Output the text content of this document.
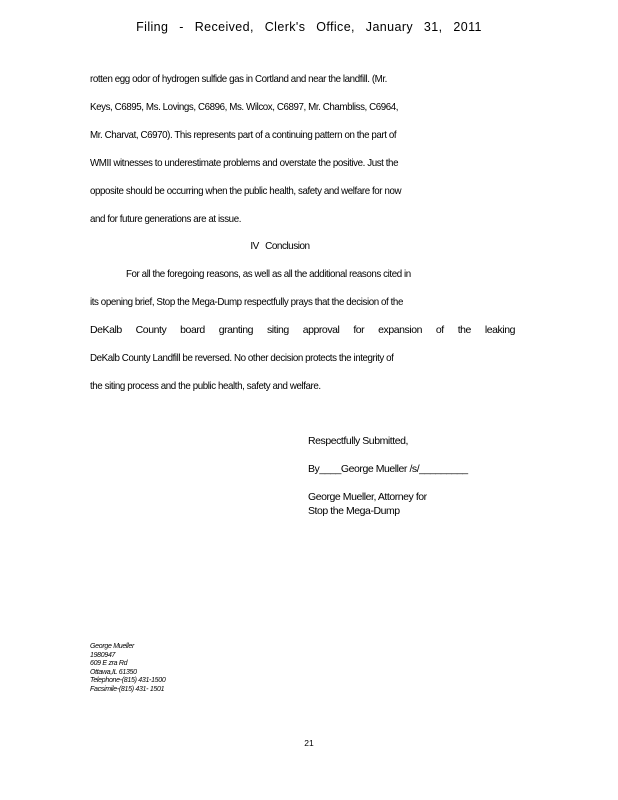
Filing - Received, Clerk's Office, January 31, 2011
rotten egg odor of hydrogen sulfide gas in Cortland and near the landfill. (Mr.
Keys, C6895, Ms. Lovings, C6896, Ms. Wilcox, C6897, Mr. Chambliss, C6964,
Mr. Charvat, C6970). This represents part of a continuing pattern on the part of
WMII witnesses to underestimate problems and overstate the positive. Just the
opposite should be occurring when the public health, safety and welfare for now
and for future generations are at issue.
IV Conclusion
For all the foregoing reasons, as well as all the additional reasons cited in
its opening brief, Stop the Mega-Dump respectfully prays that the decision of the
DeKalb County board granting siting approval for expansion of the leaking
DeKalb County Landfill be reversed. No other decision protects the integrity of
the siting process and the public health, safety and welfare.
Respectfully Submitted,
By____George Mueller /s/_________
George Mueller, Attorney for
Stop the Mega-Dump
George Mueller
1980947
609 E zra Rd
Ottawa,IL 61350
Telephone-(815) 431-1500
Facsimile-(815) 431- 1501
21
